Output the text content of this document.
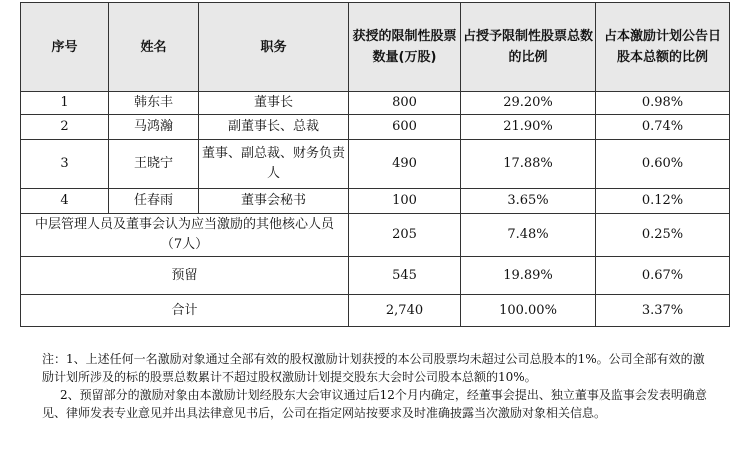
序号	姓名	职务	获授的限制性股票数量(万股)	占授予限制性股票总数的比例	占本激励计划公告日股本总额的比例
1	韩东丰	董事长	800	29.20%	0.98%
2	马鸿瀚	副董事长、总裁	600	21.90%	0.74%
3	王晓宁	董事、副总裁、财务负责人	490	17.88%	0.60%
4	任春雨	董事会秘书	100	3.65%	0.12%
中层管理人员及董事会认为应当激励的其他核心人员（7人）			205	7.48%	0.25%
预留			545	19.89%	0.67%
合计			2,740	100.00%	3.37%

注：1、上述任何一名激励对象通过全部有效的股权激励计划获授的本公司股票均未超过公司总股本的1%。公司全部有效的激励计划所涉及的标的股票总数累计不超过股权激励计划提交股东大会时公司股本总额的10%。

2、预留部分的激励对象由本激励计划经股东大会审议通过后12个月内确定，经董事会提出、独立董事及监事会发表明确意见、律师发表专业意见并出具法律意见书后，公司在指定网站按要求及时准确披露当次激励对象相关信息。
